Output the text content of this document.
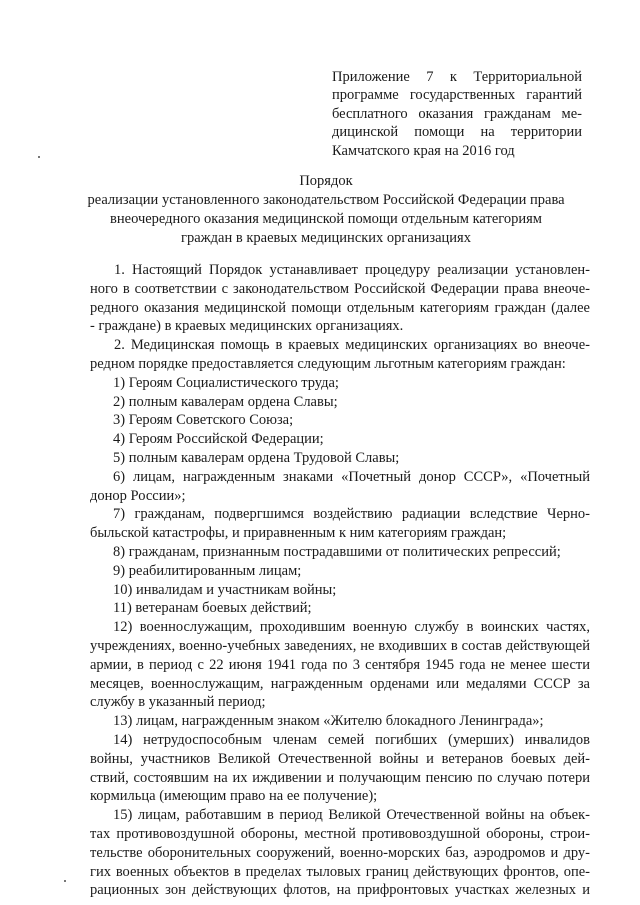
Приложение 7 к Территориальной
программе государственных гарантий
бесплатного оказания гражданам ме-
дицинской помощи на территории
Камчатского края на 2016 год
Порядок
реализации установленного законодательством Российской Федерации права
внеочередного оказания медицинской помощи отдельным категориям
граждан в краевых медицинских организациях
1. Настоящий Порядок устанавливает процедуру реализации установлен-
ного в соответствии с законодательством Российской Федерации права внеоче-
редного оказания медицинской помощи отдельным категориям граждан (далее
- граждане) в краевых медицинских организациях.
2. Медицинская помощь в краевых медицинских организациях во внеоче-
редном порядке предоставляется следующим льготным категориям граждан:
1) Героям Социалистического труда;
2) полным кавалерам ордена Славы;
3) Героям Советского Союза;
4) Героям Российской Федерации;
5) полным кавалерам ордена Трудовой Славы;
6) лицам, награжденным знаками «Почетный донор СССР», «Почетный
донор России»;
7) гражданам, подвергшимся воздействию радиации вследствие Черно-
быльской катастрофы, и приравненным к ним категориям граждан;
8) гражданам, признанным пострадавшими от политических репрессий;
9) реабилитированным лицам;
10) инвалидам и участникам войны;
11) ветеранам боевых действий;
12) военнослужащим, проходившим военную службу в воинских частях,
учреждениях, военно-учебных заведениях, не входивших в состав действующей
армии, в период с 22 июня 1941 года по 3 сентября 1945 года не менее шести
месяцев, военнослужащим, награжденным орденами или медалями СССР за
службу в указанный период;
13) лицам, награжденным знаком «Жителю блокадного Ленинграда»;
14) нетрудоспособным членам семей погибших (умерших) инвалидов
войны, участников Великой Отечественной войны и ветеранов боевых дей-
ствий, состоявшим на их иждивении и получающим пенсию по случаю потери
кормильца (имеющим право на ее получение);
15) лицам, работавшим в период Великой Отечественной войны на объек-
тах противовоздушной обороны, местной противовоздушной обороны, строи-
тельстве оборонительных сооружений, военно-морских баз, аэродромов и дру-
гих военных объектов в пределах тыловых границ действующих фронтов, опе-
рационных зон действующих флотов, на прифронтовых участках железных и
